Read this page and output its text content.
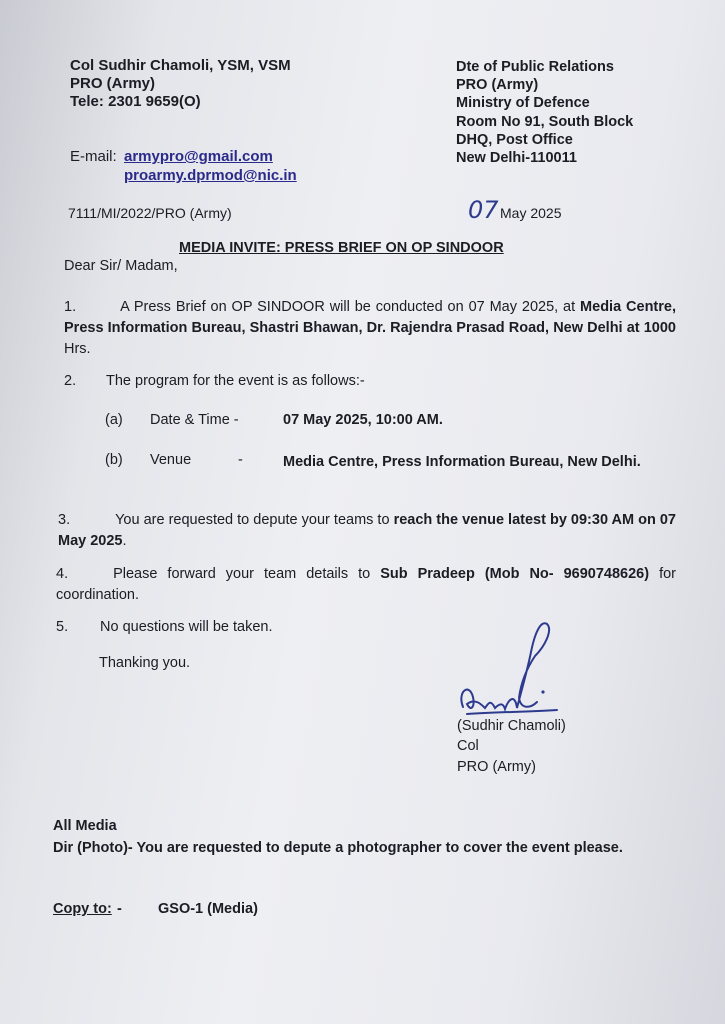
Col Sudhir Chamoli, YSM, VSM
PRO (Army)
Tele: 2301 9659(O)
Dte of Public Relations
PRO (Army)
Ministry of Defence
Room No 91, South Block
DHQ, Post Office
New Delhi-110011
E-mail: armypro@gmail.com
proarmy.dprmod@nic.in
7111/MI/2022/PRO (Army)	07 May 2025
MEDIA INVITE: PRESS BRIEF ON OP SINDOOR
Dear Sir/ Madam,
1.	A Press Brief on OP SINDOOR will be conducted on 07 May 2025, at Media Centre, Press Information Bureau, Shastri Bhawan, Dr. Rajendra Prasad Road, New Delhi at 1000 Hrs.
2. The program for the event is as follows:-
(a) Date & Time -	07 May 2025, 10:00 AM.
(b) Venue	-	Media Centre, Press Information Bureau, New Delhi.
3.	You are requested to depute your teams to reach the venue latest by 09:30 AM on 07 May 2025.
4.	Please forward your team details to Sub Pradeep (Mob No- 9690748626) for coordination.
5. No questions will be taken.
Thanking you.
(Sudhir Chamoli)
Col
PRO (Army)
All Media
Dir (Photo)- You are requested to depute a photographer to cover the event please.
Copy to: - GSO-1 (Media)
